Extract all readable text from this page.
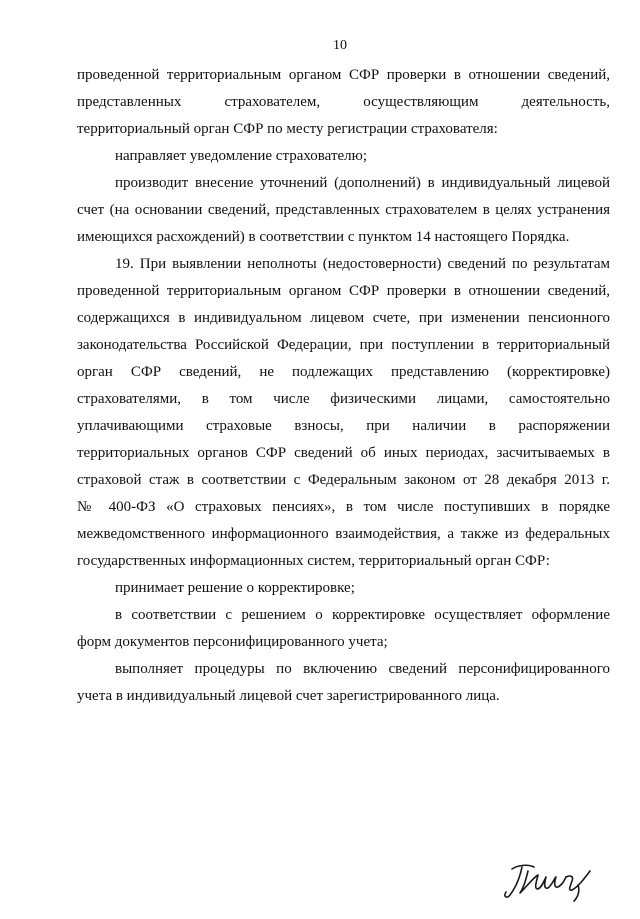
10
проведенной территориальным органом СФР проверки в отношении сведений,
представленных страхователем, осуществляющим деятельность,
территориальный орган СФР по месту регистрации страхователя:
направляет уведомление страхователю;
производит внесение уточнений (дополнений) в индивидуальный лицевой
счет (на основании сведений, представленных страхователем в целях устранения
имеющихся расхождений) в соответствии с пунктом 14 настоящего Порядка.
19. При выявлении неполноты (недостоверности) сведений по результатам
проведенной территориальным органом СФР проверки в отношении сведений,
содержащихся в индивидуальном лицевом счете, при изменении пенсионного
законодательства Российской Федерации, при поступлении в территориальный
орган СФР сведений, не подлежащих представлению (корректировке)
страхователями, в том числе физическими лицами, самостоятельно
уплачивающими страховые взносы, при наличии в распоряжении
территориальных органов СФР сведений об иных периодах, засчитываемых в
страховой стаж в соответствии с Федеральным законом от 28 декабря 2013 г.
№ 400-ФЗ «О страховых пенсиях», в том числе поступивших в порядке
межведомственного информационного взаимодействия, а также из федеральных
государственных информационных систем, территориальный орган СФР:
принимает решение о корректировке;
в соответствии с решением о корректировке осуществляет оформление
форм документов персонифицированного учета;
выполняет процедуры по включению сведений персонифицированного
учета в индивидуальный лицевой счет зарегистрированного лица.
